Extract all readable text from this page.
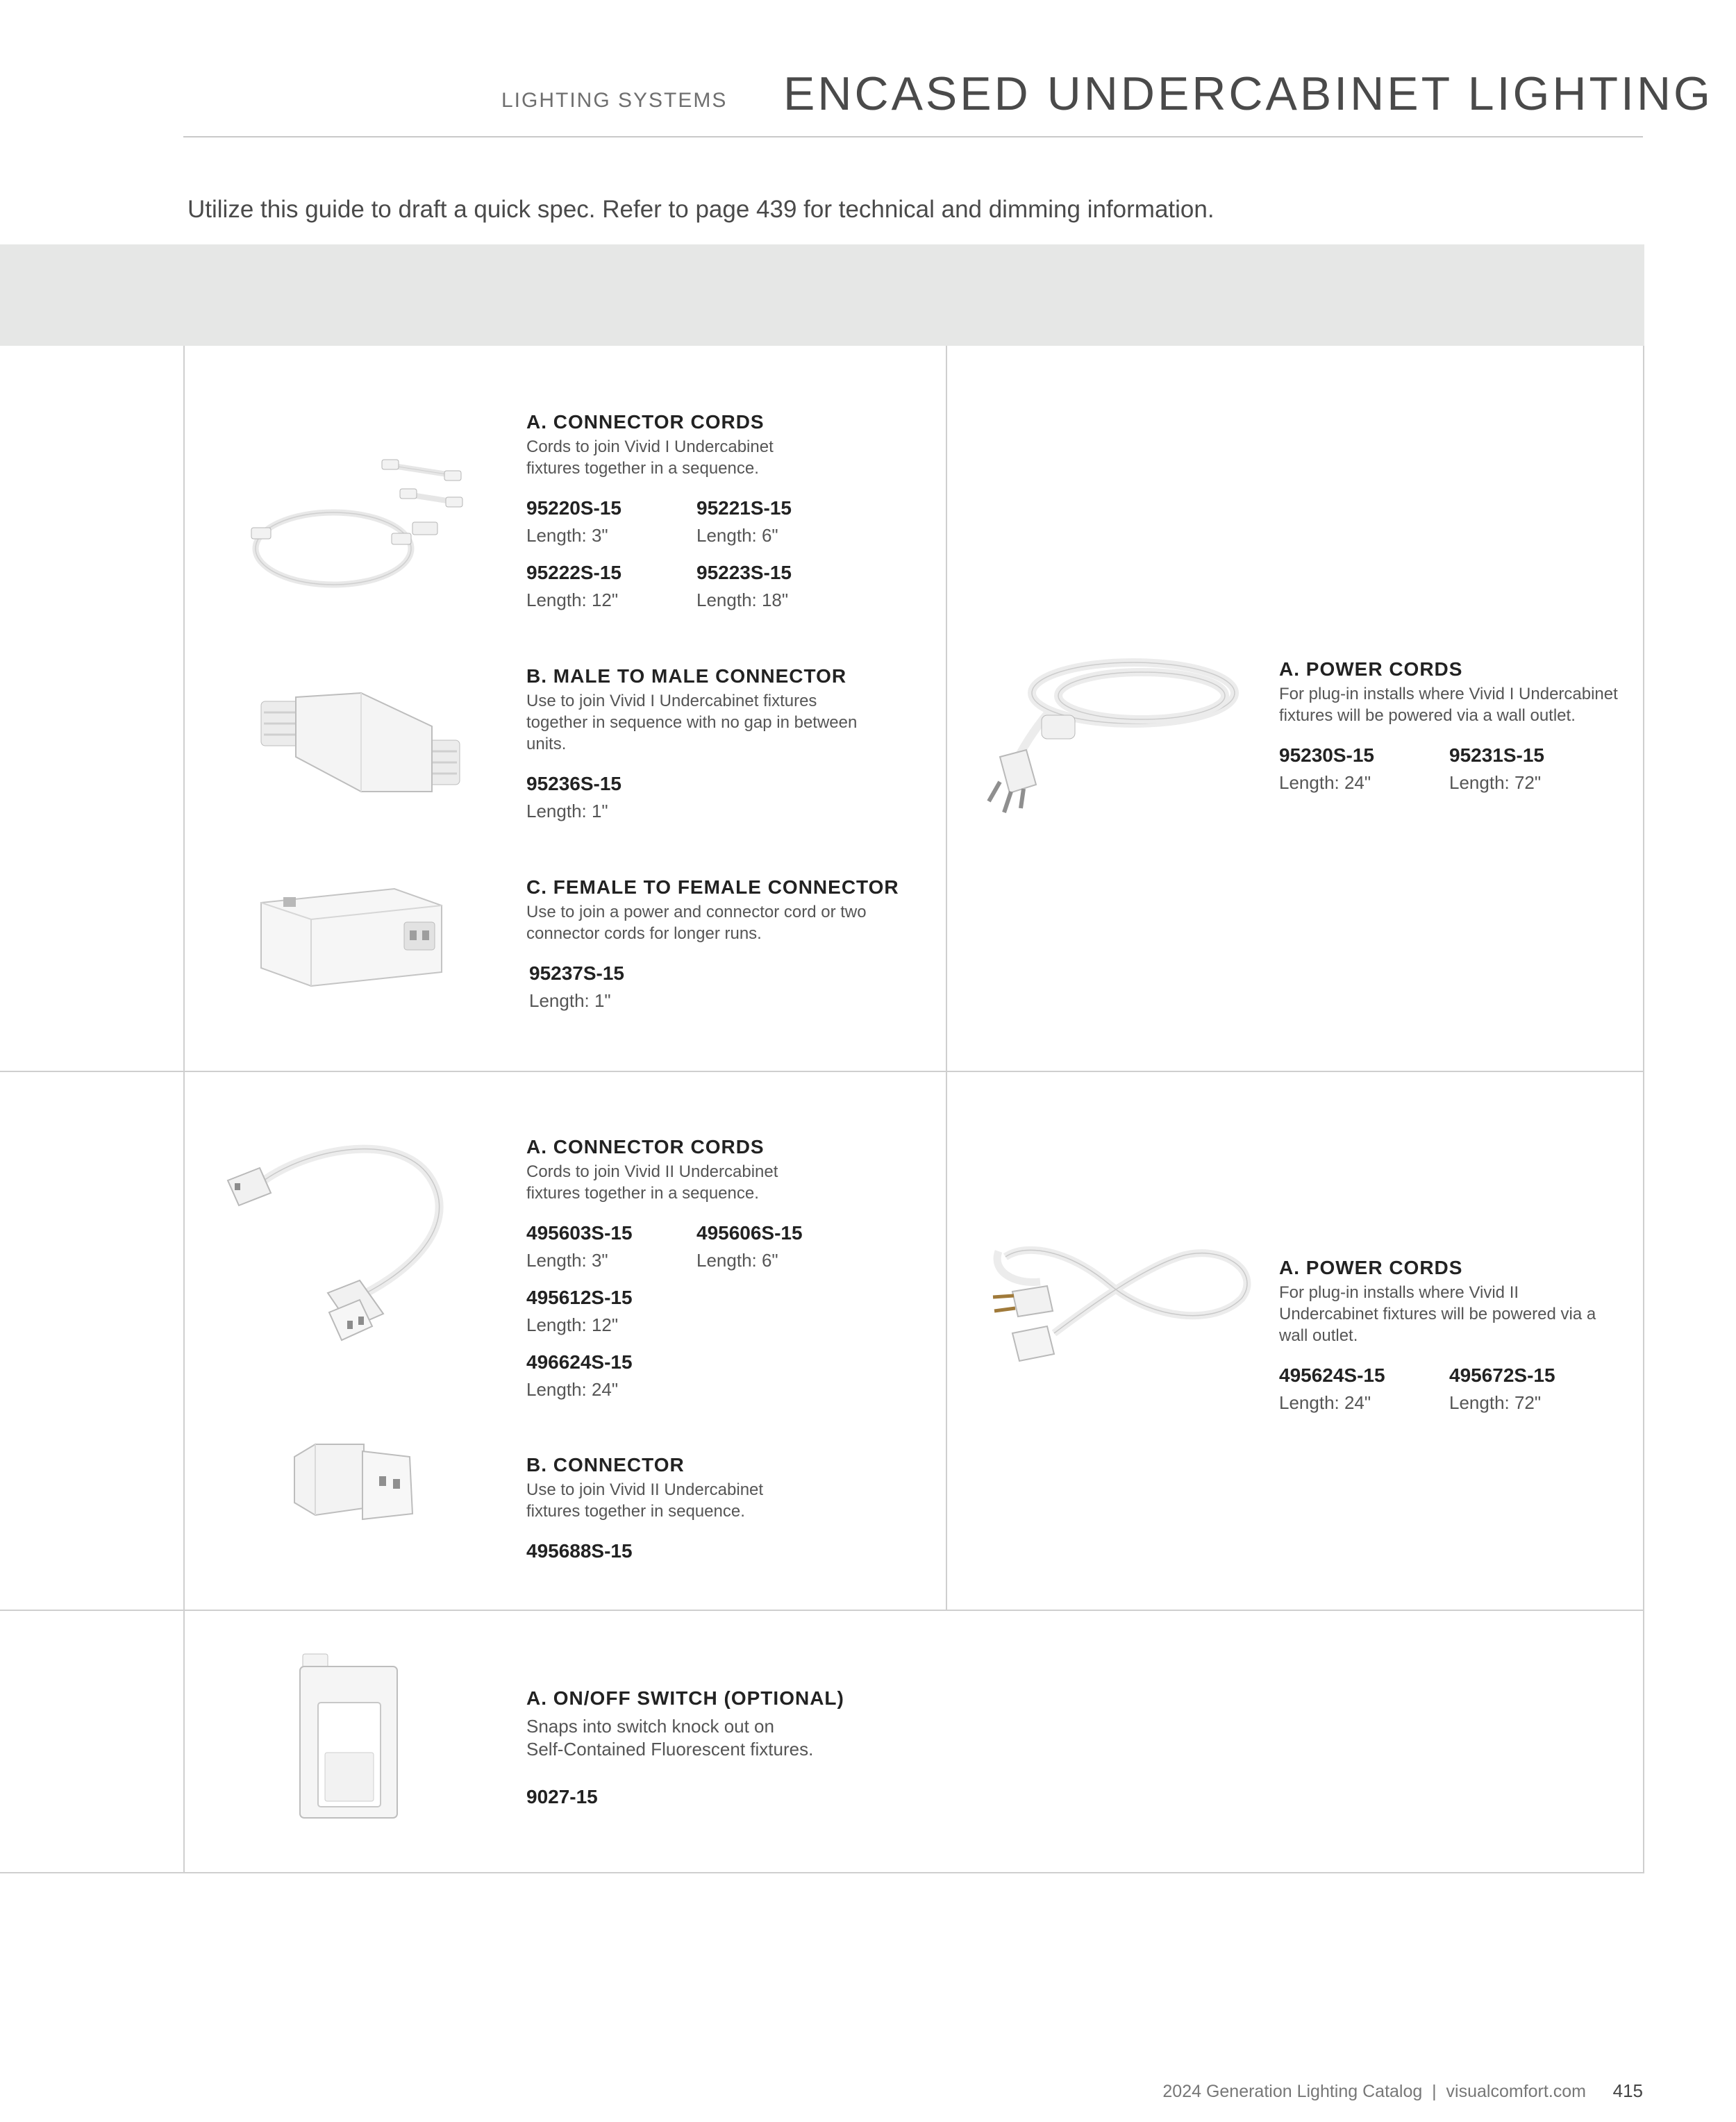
LIGHTING SYSTEMS ENCASED UNDERCABINET LIGHTING

Utilize this guide to draft a quick spec. Refer to page 439 for technical and dimming information.

A. CONNECTOR CORDS
Cords to join Vivid I Undercabinet fixtures together in a sequence.
95220S-15
Length: 3"
95221S-15
Length: 6"
95222S-15
Length: 12"
95223S-15
Length: 18"
B. MALE TO MALE CONNECTOR
Use to join Vivid I Undercabinet fixtures together in sequence with no gap in between units.
95236S-15
Length: 1"
C. FEMALE TO FEMALE CONNECTOR
Use to join a power and connector cord or two connector cords for longer runs.
95237S-15
Length: 1"
A. POWER CORDS
For plug-in installs where Vivid I Undercabinet fixtures will be powered via a wall outlet.
95230S-15
Length: 24"
95231S-15
Length: 72"
A. CONNECTOR CORDS
Cords to join Vivid II Undercabinet fixtures together in a sequence.
495603S-15
Length: 3"
495606S-15
Length: 6"
495612S-15
Length: 12"
496624S-15
Length: 24"
B. CONNECTOR
Use to join Vivid II Undercabinet fixtures together in sequence.
495688S-15
A. POWER CORDS
For plug-in installs where Vivid II Undercabinet fixtures will be powered via a wall outlet.
495624S-15
Length: 24"
495672S-15
Length: 72"
A. ON/OFF SWITCH (OPTIONAL)
Snaps into switch knock out on
Self-Contained Fluorescent fixtures.
9027-15
2024 Generation Lighting Catalog  |  visualcomfort.com 415
